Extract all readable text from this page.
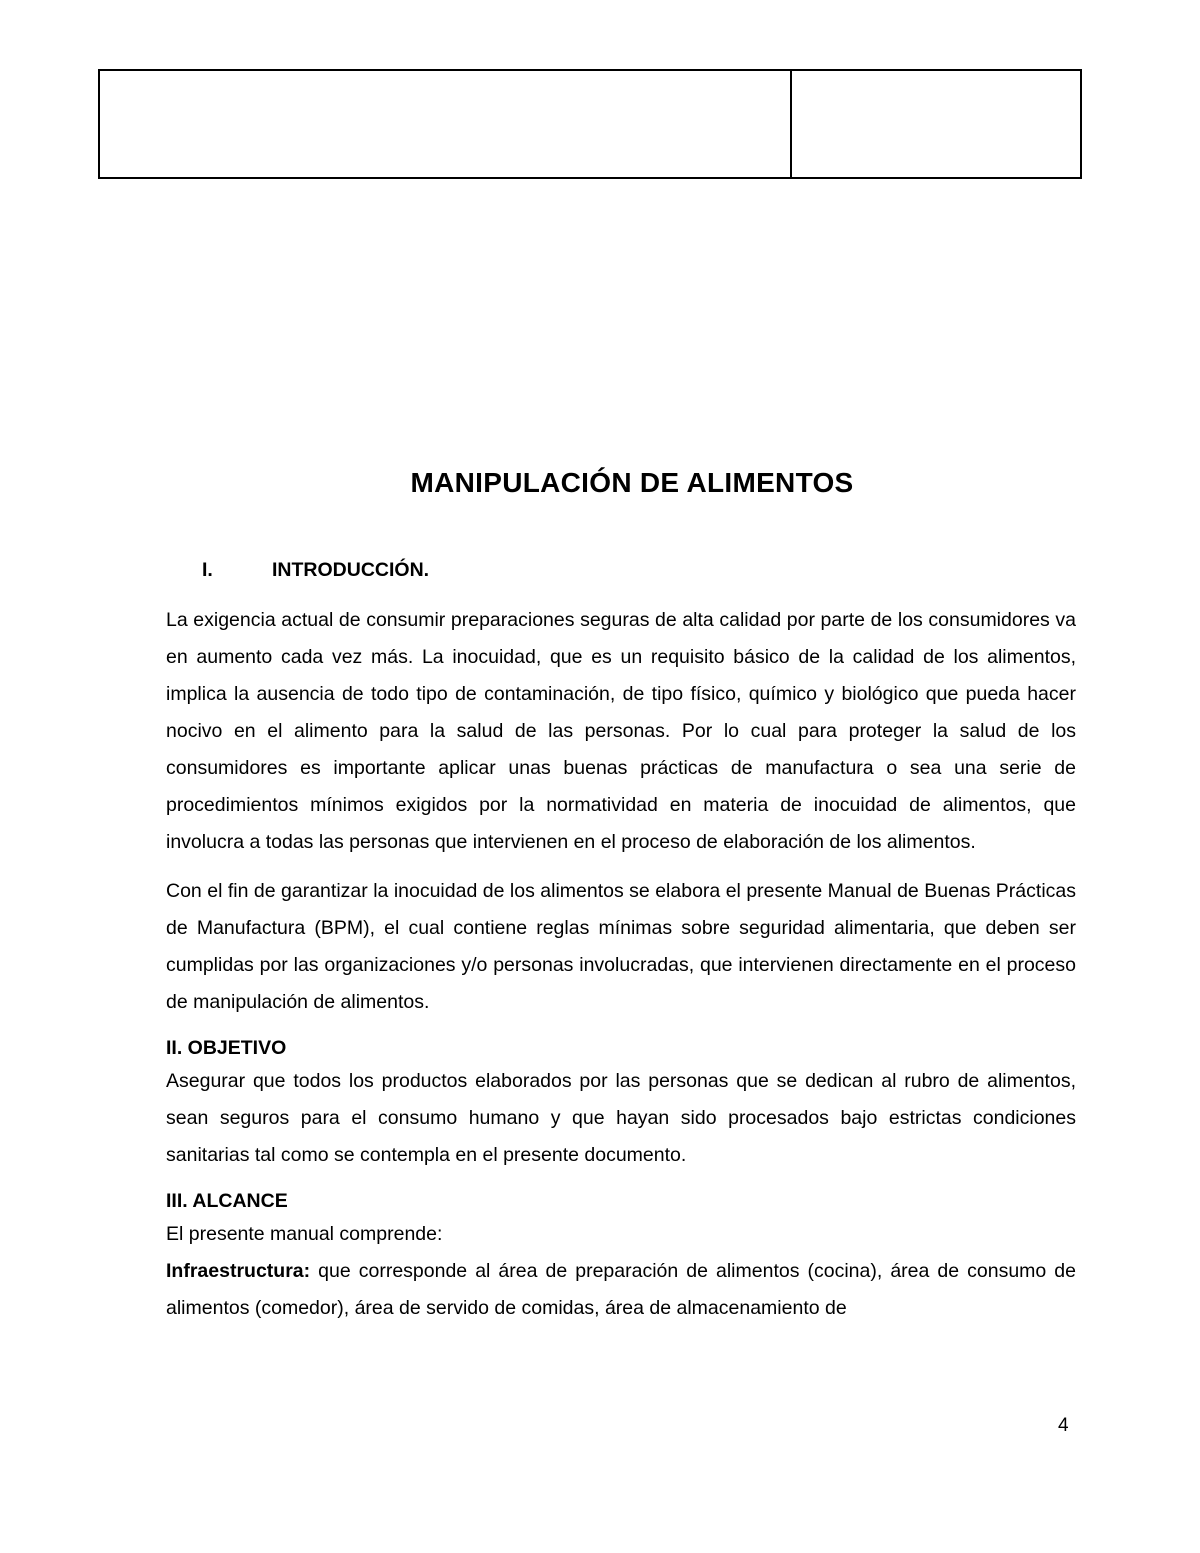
MANIPULACIÓN DE ALIMENTOS
I.	INTRODUCCIÓN.

La exigencia actual de consumir preparaciones seguras de alta calidad por parte de los consumidores va en aumento cada vez más. La inocuidad, que es un requisito básico de la calidad de los alimentos, implica la ausencia de todo tipo de contaminación, de tipo físico, químico y biológico que pueda hacer nocivo en el alimento para la salud de las personas. Por lo cual para proteger la salud de los consumidores es importante aplicar unas buenas prácticas de manufactura o sea una serie de procedimientos mínimos exigidos por la normatividad en materia de inocuidad de alimentos, que involucra a todas las personas que intervienen en el proceso de elaboración de los alimentos.

Con el fin de garantizar la inocuidad de los alimentos se elabora el presente Manual de Buenas Prácticas de Manufactura (BPM), el cual contiene reglas mínimas sobre seguridad alimentaria, que deben ser cumplidas por las organizaciones y/o personas involucradas, que intervienen directamente en el proceso de manipulación de alimentos.

II. OBJETIVO

Asegurar que todos los productos elaborados por las personas que se dedican al rubro de alimentos, sean seguros para el consumo humano y que hayan sido procesados bajo estrictas condiciones sanitarias tal como se contempla en el presente documento.

III. ALCANCE

El presente manual comprende:

Infraestructura: que corresponde al área de preparación de alimentos (cocina), área de consumo de alimentos (comedor), área de servido de comidas, área de almacenamiento de

4
